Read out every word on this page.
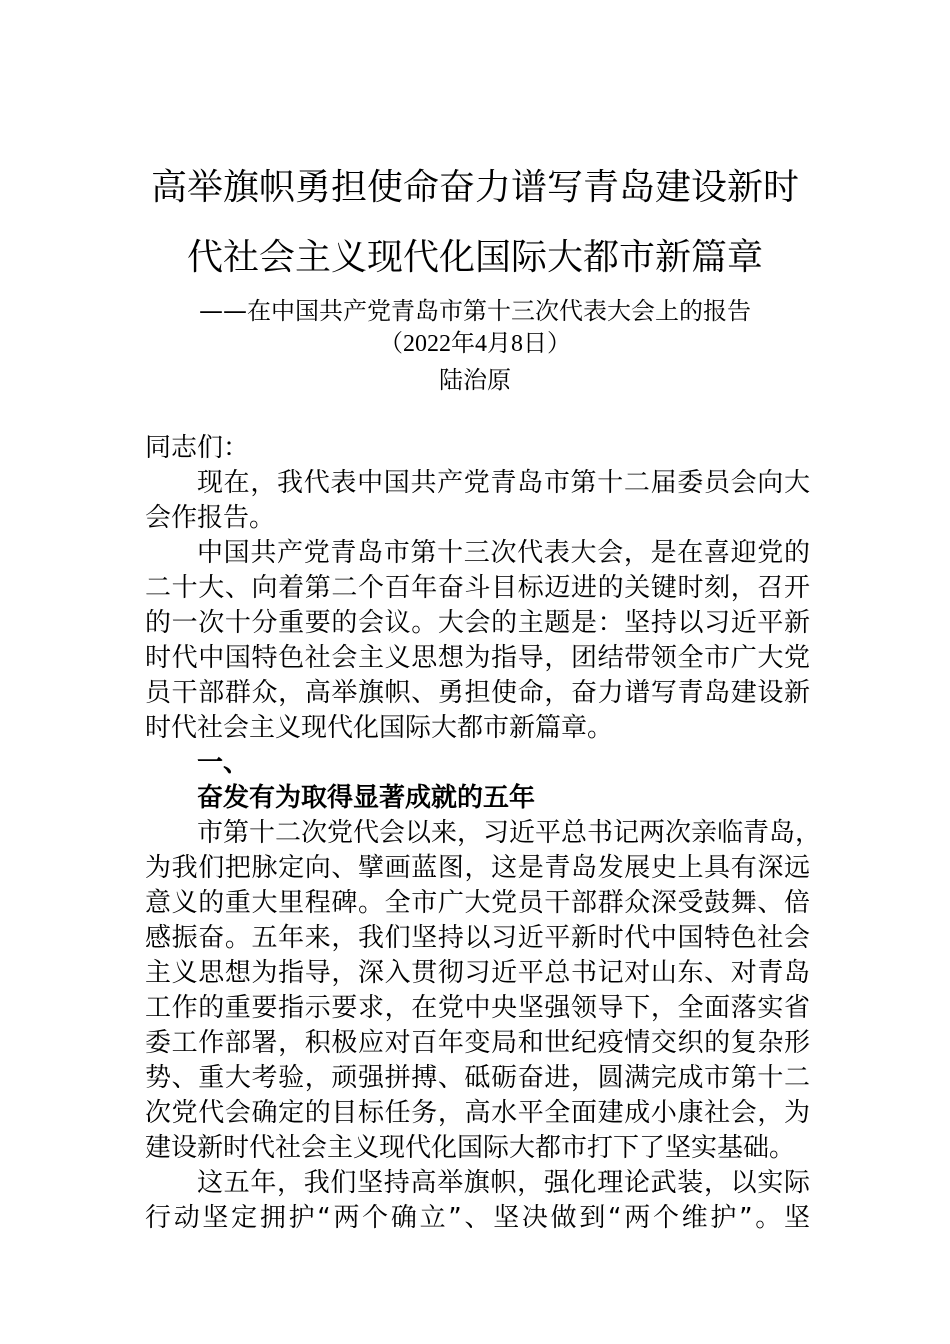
高举旗帜勇担使命奋力谱写青岛建设新时
代社会主义现代化国际大都市新篇章
——在中国共产党青岛市第十三次代表大会上的报告
（2022年4月8日）
陆治原
同志们：
现在，我代表中国共产党青岛市第十二届委员会向大
会作报告。
中国共产党青岛市第十三次代表大会，是在喜迎党的
二十大、向着第二个百年奋斗目标迈进的关键时刻，召开
的一次十分重要的会议。大会的主题是：坚持以习近平新
时代中国特色社会主义思想为指导，团结带领全市广大党
员干部群众，高举旗帜、勇担使命，奋力谱写青岛建设新
时代社会主义现代化国际大都市新篇章。
一、
奋发有为取得显著成就的五年
市第十二次党代会以来，习近平总书记两次亲临青岛，
为我们把脉定向、擘画蓝图，这是青岛发展史上具有深远
意义的重大里程碑。全市广大党员干部群众深受鼓舞、倍
感振奋。五年来，我们坚持以习近平新时代中国特色社会
主义思想为指导，深入贯彻习近平总书记对山东、对青岛
工作的重要指示要求，在党中央坚强领导下，全面落实省
委工作部署，积极应对百年变局和世纪疫情交织的复杂形
势、重大考验，顽强拼搏、砥砺奋进，圆满完成市第十二
次党代会确定的目标任务，高水平全面建成小康社会，为
建设新时代社会主义现代化国际大都市打下了坚实基础。
这五年，我们坚持高举旗帜，强化理论武装，以实际
行动坚定拥护“两个确立”、坚决做到“两个维护”。坚
